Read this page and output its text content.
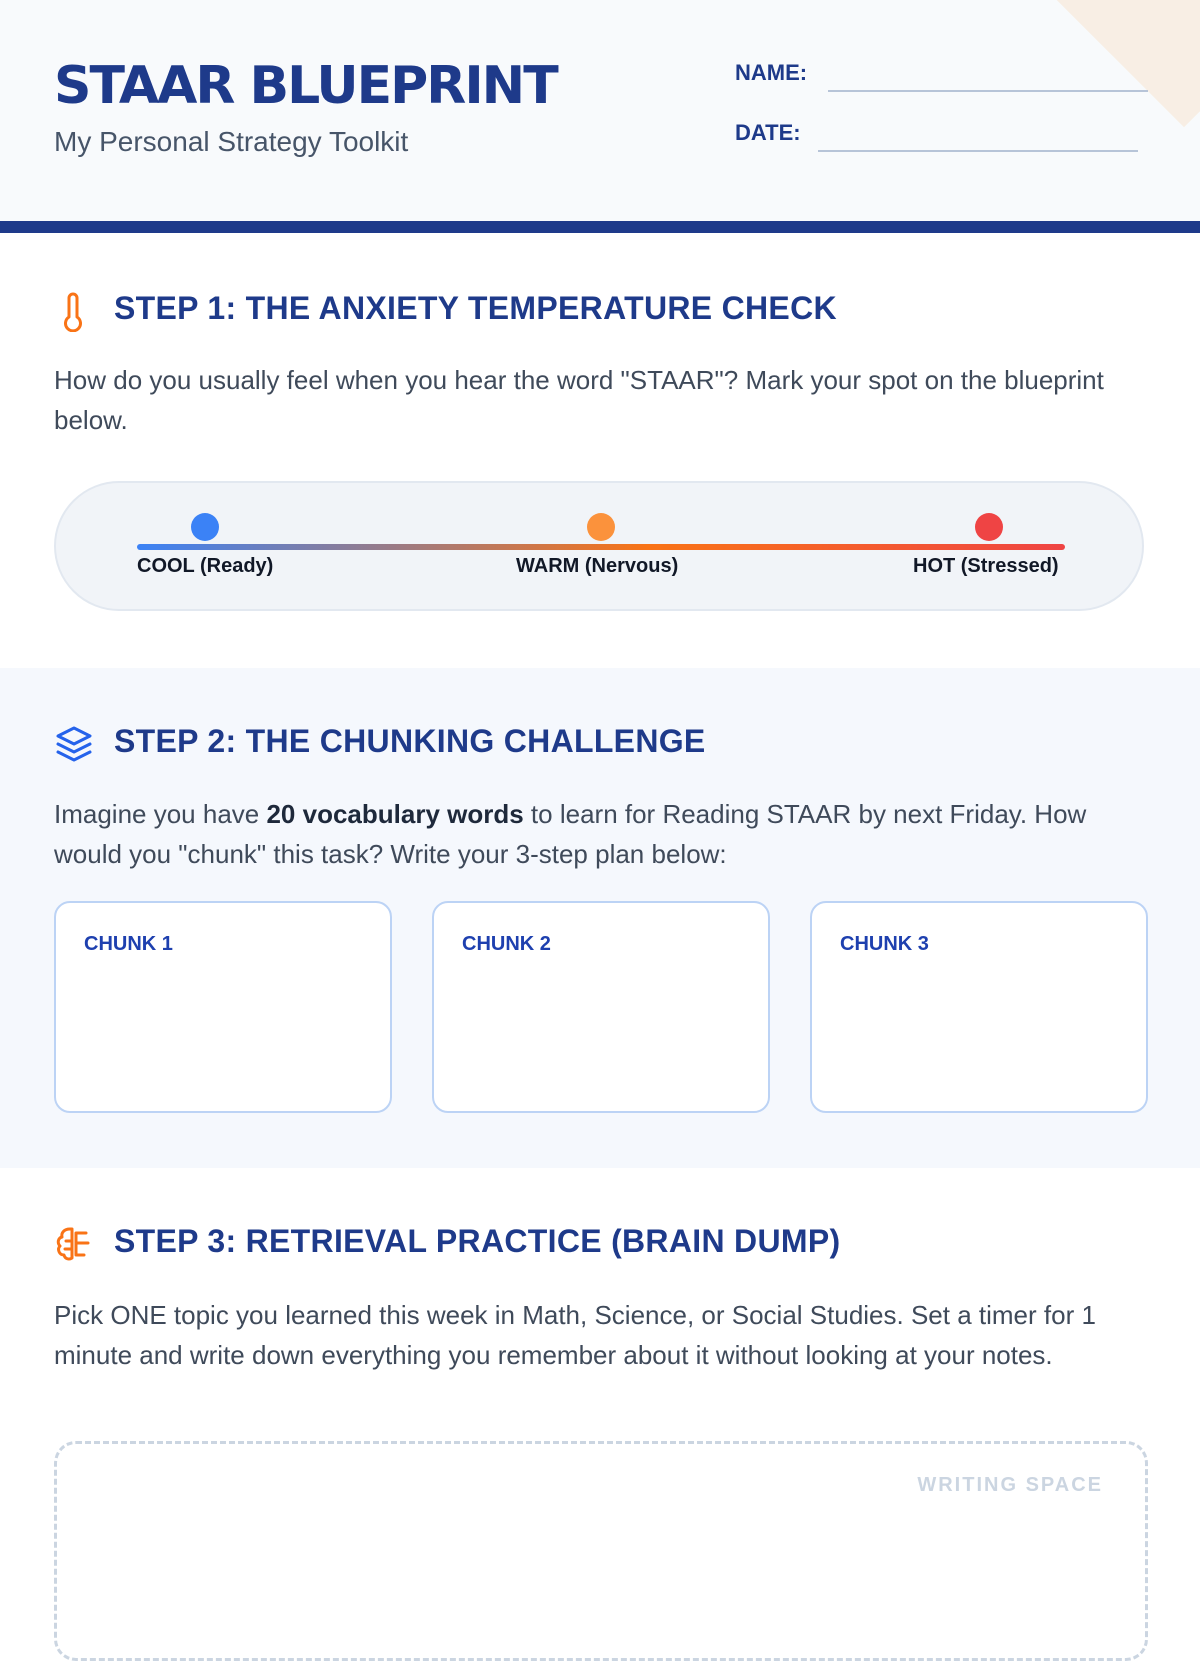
STAAR BLUEPRINT
My Personal Strategy Toolkit
NAME:
DATE:
STEP 1: THE ANXIETY TEMPERATURE CHECK

How do you usually feel when you hear the word "STAAR"? Mark your spot on the blueprint below.

COOL (Ready)	WARM (Nervous)	HOT (Stressed)
STEP 2: THE CHUNKING CHALLENGE

Imagine you have 20 vocabulary words to learn for Reading STAAR by next Friday. How would you "chunk" this task? Write your 3-step plan below:

CHUNK 1	CHUNK 2	CHUNK 3
STEP 3: RETRIEVAL PRACTICE (BRAIN DUMP)

Pick ONE topic you learned this week in Math, Science, or Social Studies. Set a timer for 1 minute and write down everything you remember about it without looking at your notes.

WRITING SPACE
